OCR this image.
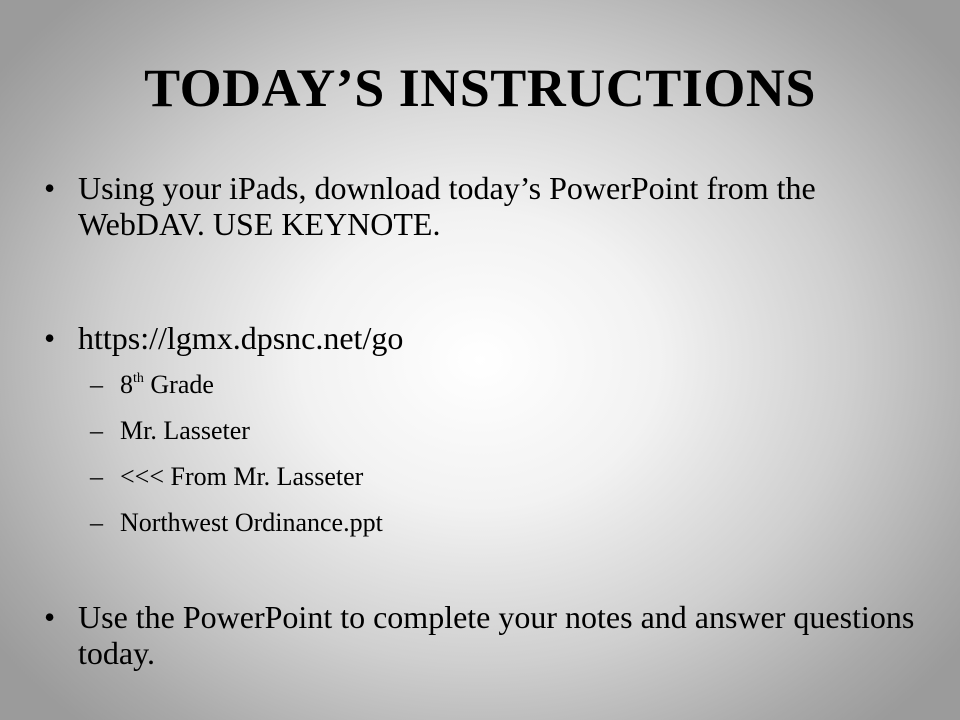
TODAY’S INSTRUCTIONS
• Using your iPads, download today’s PowerPoint from the WebDAV. USE KEYNOTE.
• https://lgmx.dpsnc.net/go
– 8th Grade
– Mr. Lasseter
– <<< From Mr. Lasseter
– Northwest Ordinance.ppt
• Use the PowerPoint to complete your notes and answer questions today.
